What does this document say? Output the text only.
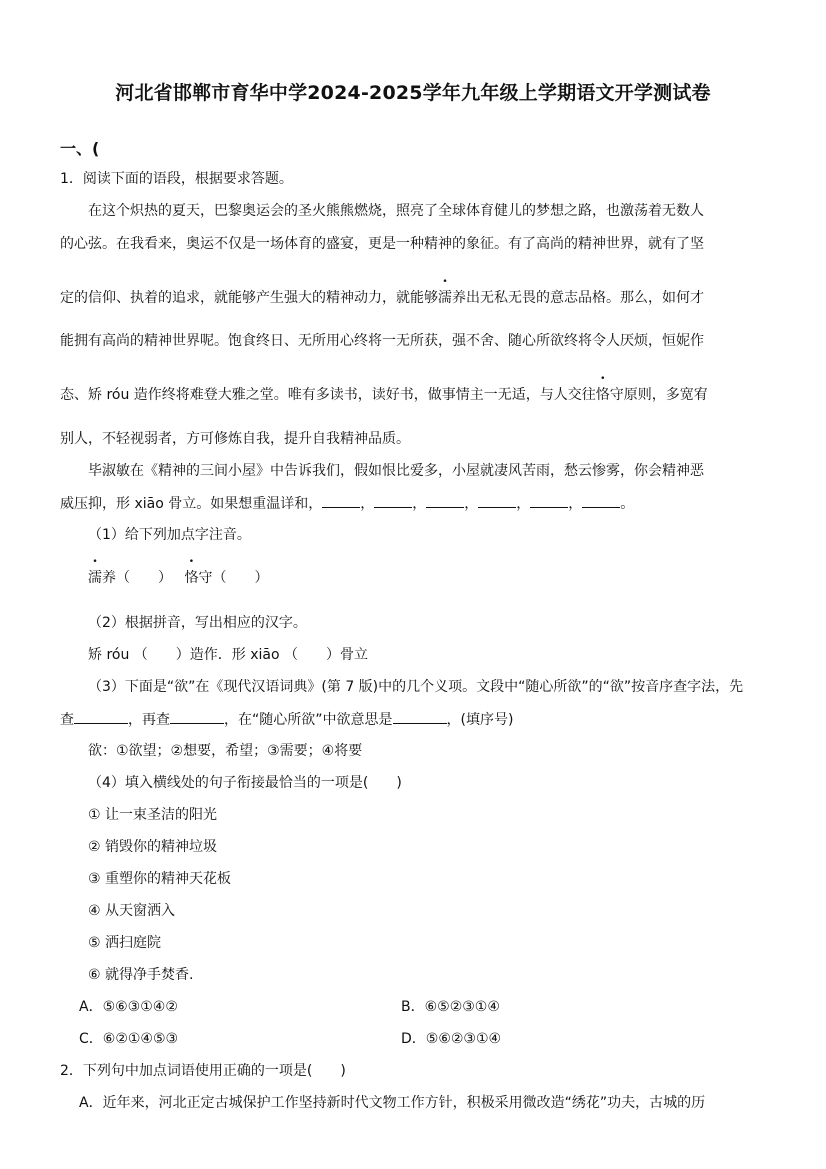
河北省邯郸市育华中学2024-2025学年九年级上学期语文开学测试卷
一、(
1．阅读下面的语段，根据要求答题。
在这个炽热的夏天，巴黎奥运会的圣火熊熊燃烧，照亮了全球体育健儿的梦想之路，也激荡着无数人
的心弦。在我看来，奥运不仅是一场体育的盛宴，更是一种精神的象征。有了高尚的精神世界，就有了坚
定的信仰、执着的追求，就能够产生强大的精神动力，就能够濡养出无私无畏的意志品格。那么，如何才
能拥有高尚的精神世界呢。饱食终日、无所用心终将一无所获，强不舍、随心所欲终将令人厌烦，恒妮作
态、矫 róu 造作终将难登大雅之堂。唯有多读书，读好书，做事情主一无适，与人交往恪守原则，多宽宥
别人，不轻视弱者，方可修炼自我，提升自我精神品质。
毕淑敏在《精神的三间小屋》中告诉我们，假如恨比爱多，小屋就凄风苦雨，愁云惨雾，你会精神恶
威压抑，形 xiāo 骨立。如果想重温详和，	，	，	，	，	，	。
（1）给下列加点字注音。
濡养（　　） 恪守（　　）
（2）根据拼音，写出相应的汉字。
矫 róu （　　）造作．形 xiāo （　　）骨立
（3）下面是“欲”在《现代汉语词典》(第 7 版)中的几个义项。文段中“随心所欲”的“欲”按音序查字法，先
查	，再查	，在“随心所欲”中欲意思是	，(填序号)
欲：①欲望；②想要，希望；③需要；④将要
（4）填入横线处的句子衔接最恰当的一项是(　　)
① 让一束圣洁的阳光
② 销毁你的精神垃圾
③ 重塑你的精神天花板
④ 从天窗洒入
⑤ 洒扫庭院
⑥ 就得净手焚香.
A．⑤⑥③①④②	B．⑥⑤②③①④
C．⑥②①④⑤③	D．⑤⑥②③①④
2．下列句中加点词语使用正确的一项是(　　)
A．近年来，河北正定古城保护工作坚持新时代文物工作方针，积极采用微改造“绣花”功夫，古城的历
